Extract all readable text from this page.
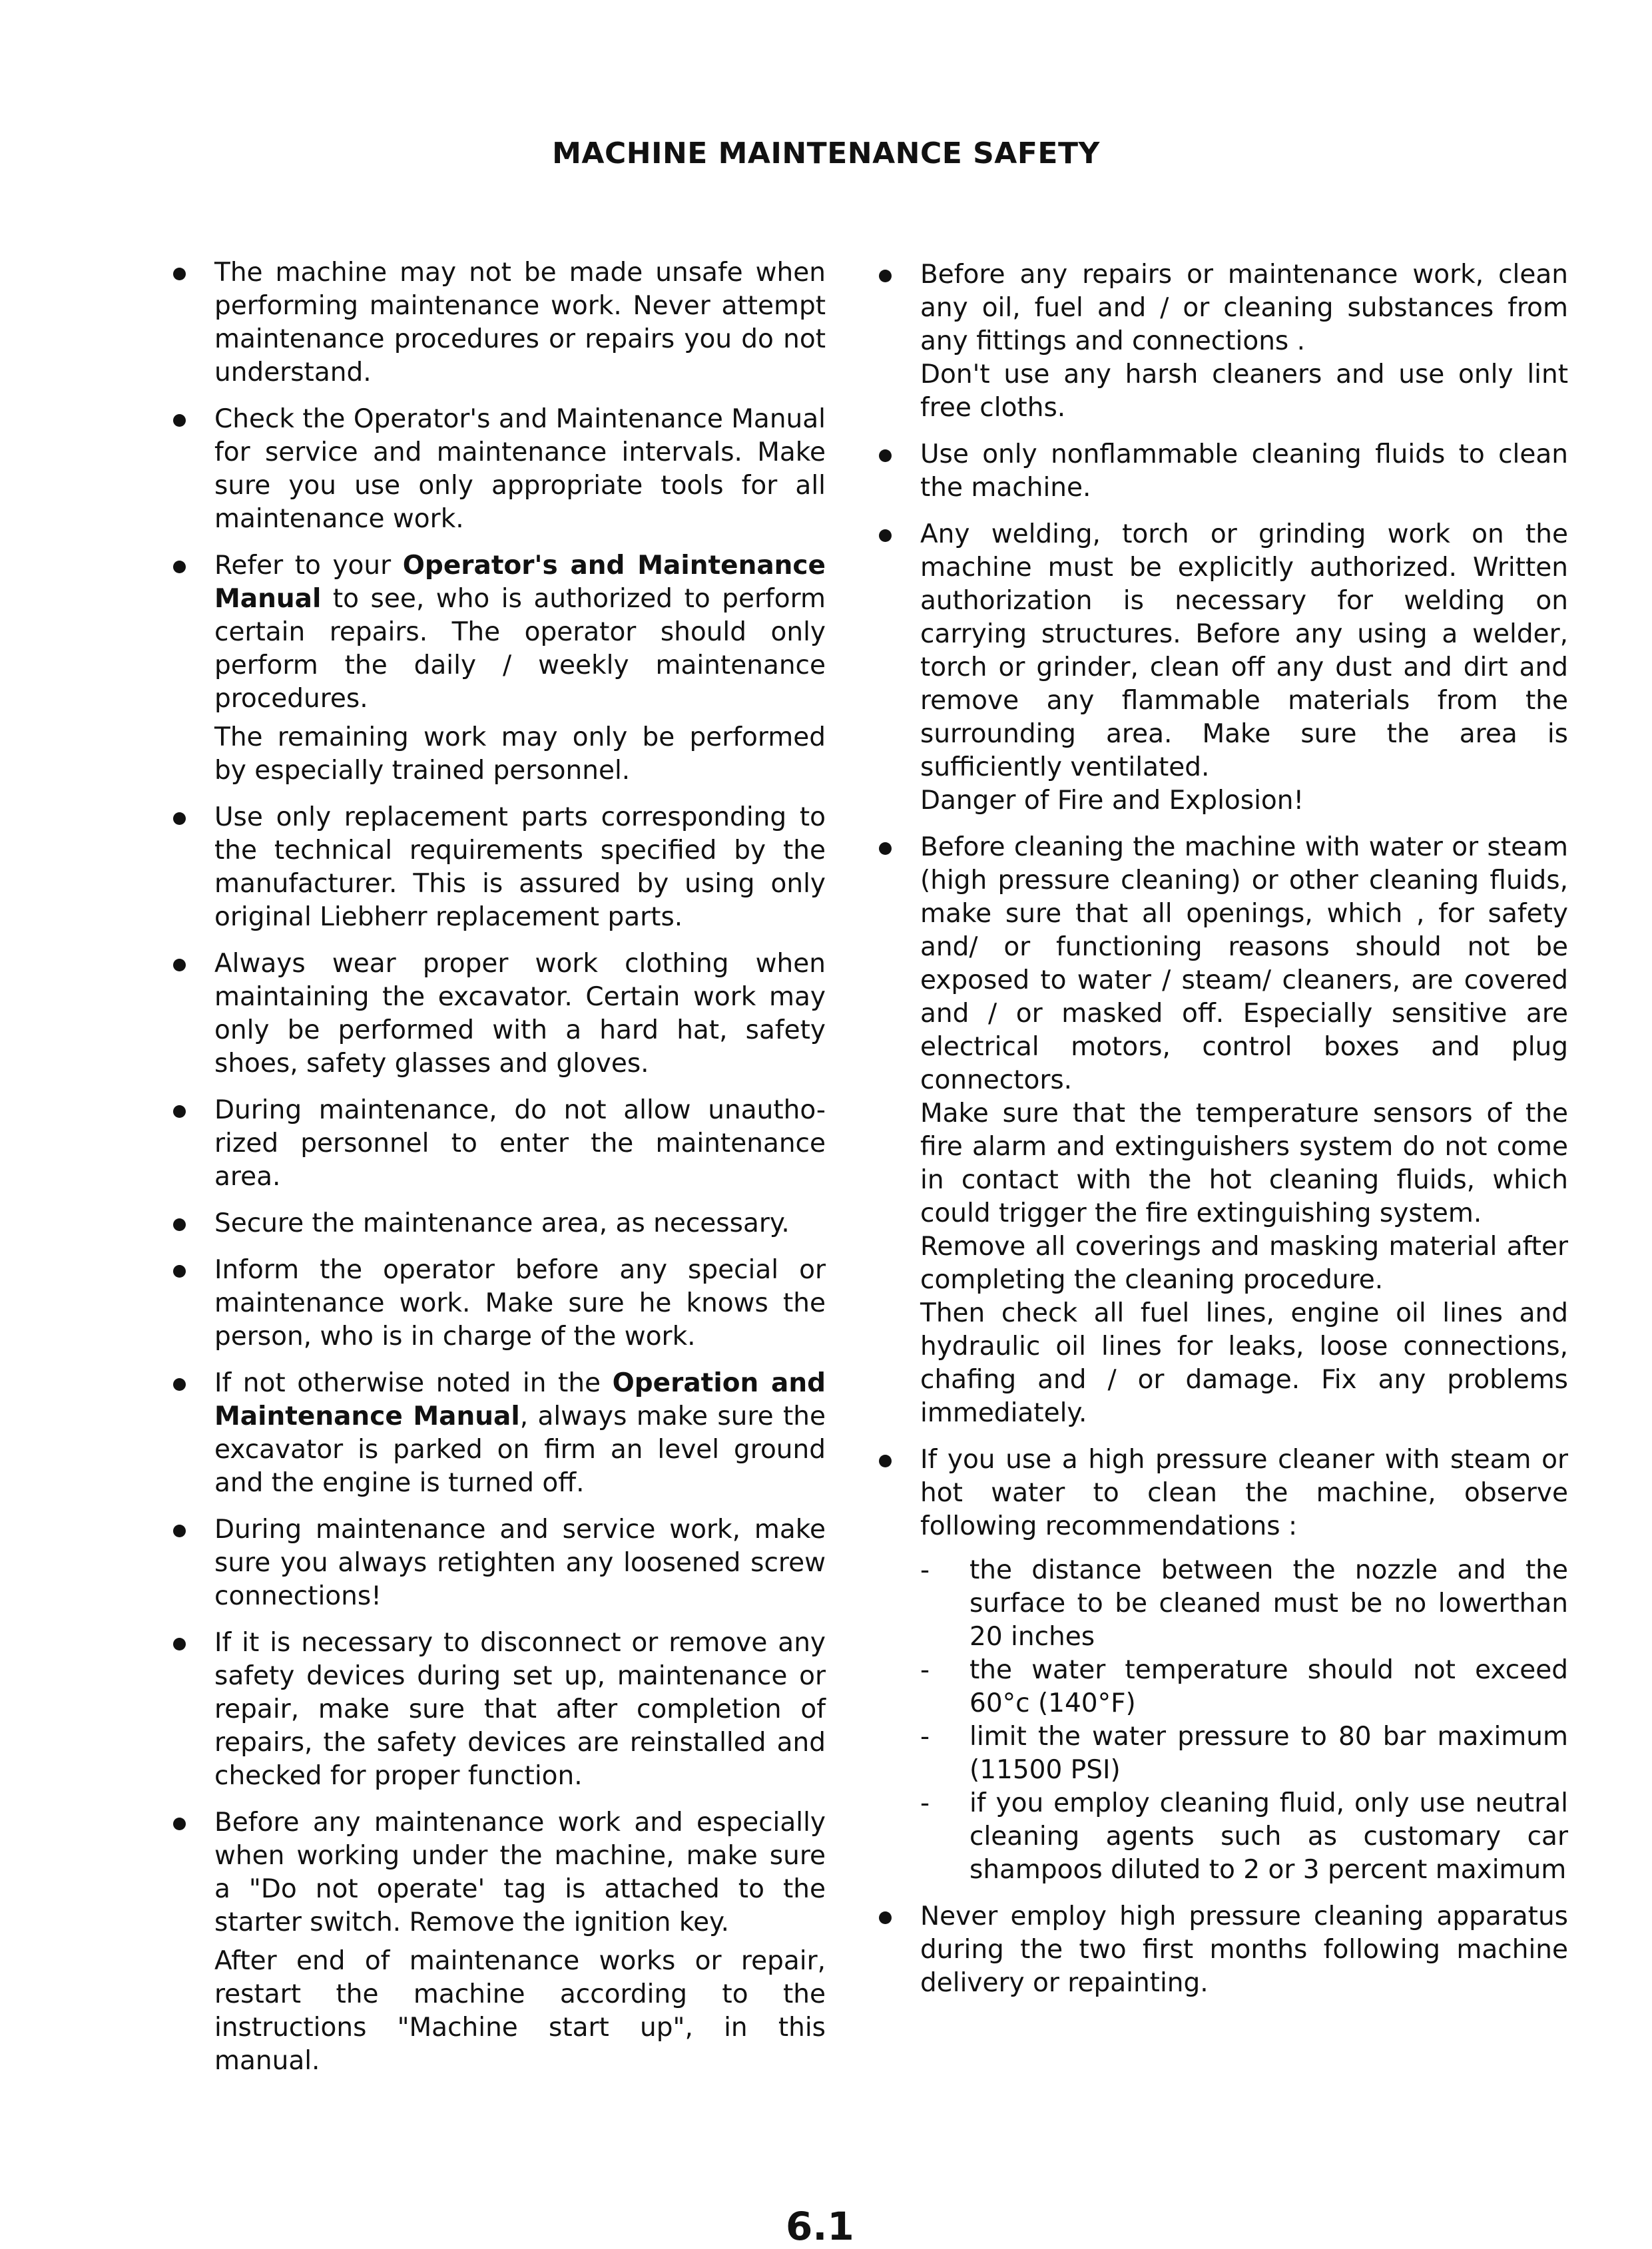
MACHINE MAINTENANCE SAFETY
The machine may not be made unsafe when performing maintenance work. Never attempt maintenance procedures or repairs you do not understand.
Check the Operator's and Maintenance Manual for service and maintenance intervals. Make sure you use only appropriate tools for all maintenance work.
Refer to your Operator's and Maintenance Manual to see, who is authorized to perform certain repairs. The operator should only perform the daily / weekly maintenance procedures.
The remaining work may only be performed by especially trained personnel.
Use only replacement parts corresponding to the technical requirements specified by the manufacturer. This is assured by using only original Liebherr replacement parts.
Always wear proper work clothing when maintaining the excavator. Certain work may only be performed with a hard hat, safety shoes, safety glasses and gloves.
During maintenance, do not allow unautho-rized personnel to enter the maintenance area.
Secure the maintenance area, as necessary.
Inform the operator before any special or maintenance work. Make sure he knows the person, who is in charge of the work.
If not otherwise noted in the Operation and Maintenance Manual, always make sure the excavator is parked on firm an level ground and the engine is turned off.
During maintenance and service work, make sure you always retighten any loosened screw connections!
If it is necessary to disconnect or remove any safety devices during set up, maintenance or repair, make sure that after completion of repairs, the safety devices are reinstalled and checked for proper function.
Before any maintenance work and especially when working under the machine, make sure a "Do not operate' tag is attached to the starter switch. Remove the ignition key.
After end of maintenance works or repair, restart the machine according to the instructions "Machine start up", in this manual.
Before any repairs or maintenance work, clean any oil, fuel and / or cleaning substances from any fittings and connections .
Don't use any harsh cleaners and use only lint free cloths.
Use only nonflammable cleaning fluids to clean the machine.
Any welding, torch or grinding work on the machine must be explicitly authorized. Written authorization is necessary for welding on carrying structures. Before any using a welder, torch or grinder, clean off any dust and dirt and remove any flammable materials from the surrounding area. Make sure the area is sufficiently ventilated.
Danger of Fire and Explosion!
Before cleaning the machine with water or steam (high pressure cleaning) or other cleaning fluids, make sure that all openings, which , for safety and/ or functioning reasons should not be exposed to water / steam/ cleaners, are covered and / or masked off. Especially sensitive are electrical motors, control boxes and plug connectors.
Make sure that the temperature sensors of the fire alarm and extinguishers system do not come in contact with the hot cleaning fluids, which could trigger the fire extinguishing system.
Remove all coverings and masking material after completing the cleaning procedure.
Then check all fuel lines, engine oil lines and hydraulic oil lines for leaks, loose connections, chafing and / or damage. Fix any problems immediately.
If you use a high pressure cleaner with steam or hot water to clean the machine, observe following recommendations :
- the distance between the nozzle and the surface to be cleaned must be no lowerthan 20 inches
- the water temperature should not exceed 60°c (140°F)
- limit the water pressure to 80 bar maximum (11500 PSI)
- if you employ cleaning fluid, only use neutral cleaning agents such as customary car shampoos diluted to 2 or 3 percent maximum
Never employ high pressure cleaning apparatus during the two first months following machine delivery or repainting.
6.1
